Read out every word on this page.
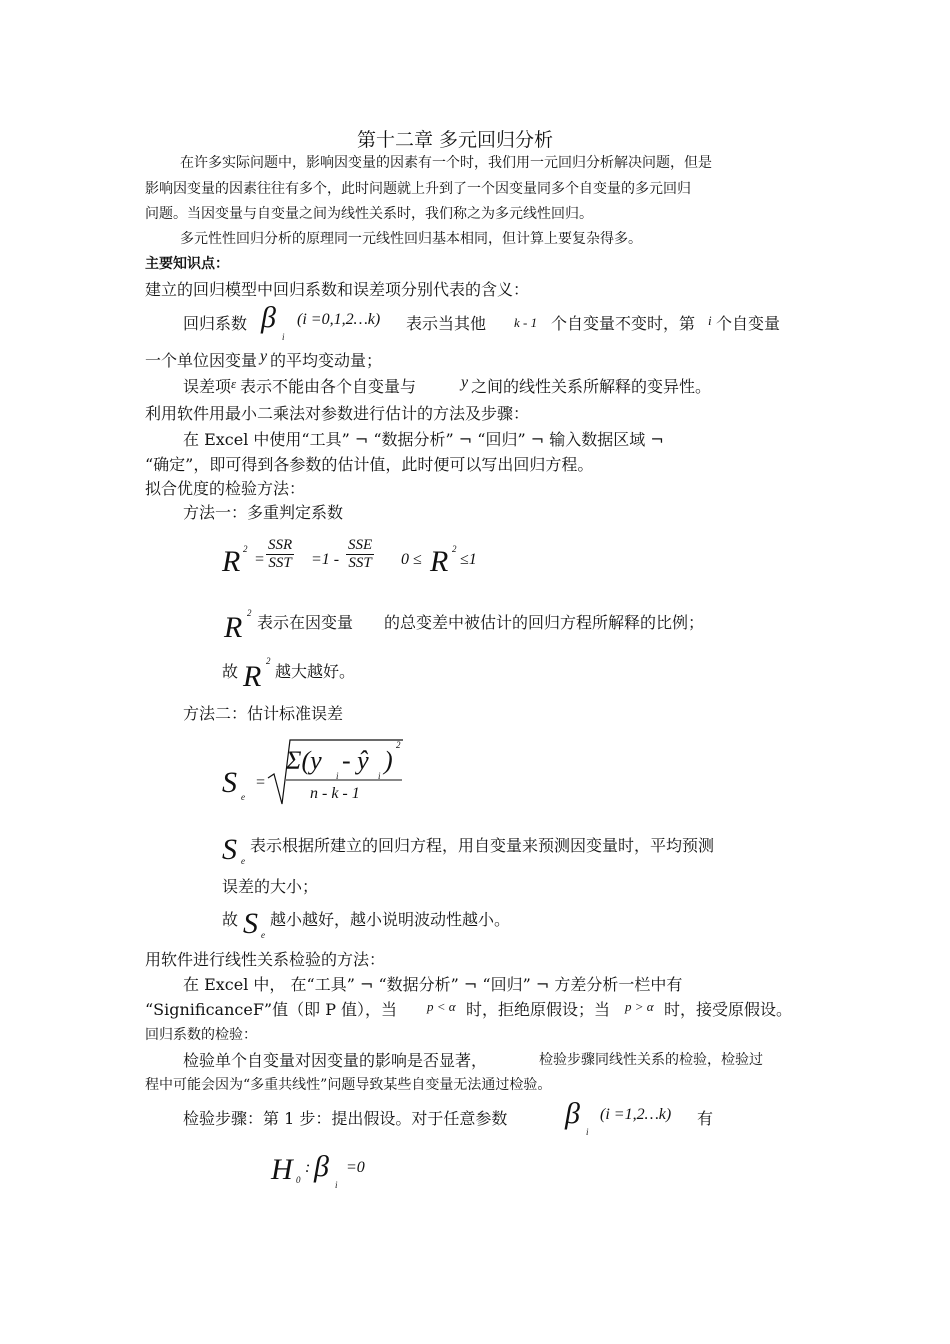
第十二章 多元回归分析
在许多实际问题中，影响因变量的因素有一个时，我们用一元回归分析解决问题，但是
影响因变量的因素往往有多个，此时问题就上升到了一个因变量同多个自变量的多元回归
问题。当因变量与自变量之间为线性关系时，我们称之为多元线性回归。
多元性性回归分析的原理同一元线性回归基本相同，但计算上要复杂得多。
主要知识点：
建立的回归模型中回归系数和误差项分别代表的含义：
回归系数 β
i
(i =0,1,2…k) 表示当其他 k - 1 个自变量不变时，第 i 个自变量
一个单位因变量 y 的平均变动量；
误差项 ε 表示不能由各个自变量与	y 之间的线性关系所解释的变异性。
利用软件用最小二乘法对参数进行估计的方法及步骤：
在 Excel 中使用“工具” ¬ “数据分析” ¬ “回归” ¬ 输入数据区域 ¬
“确定”，即可得到各参数的估计值，此时便可以写出回归方程。
拟合优度的检验方法：
方法一：多重判定系数
R 2
= $\frac{\text{SSR}}{\text{SST}} =1 - \frac{\text{SSE}}{\text{SST}} 0 \le R$ 2
≤1
R 2 表示在因变量 的总变差中被估计的回归方程所解释的比例；
故 R 2
越大越好。
方法二：估计标准误差
S e
=
Σ(y
i
- ŷ
i
)
2
n - k - 1
S e
表示根据所建立的回归方程，用自变量来预测因变量时，平均预测
误差的大小；
故 S e
越小越好，越小说明波动性越小。
用软件进行线性关系检验的方法：
在 Excel 中， 在“工具” ¬ “数据分析” ¬ “回归” ¬ 方差分析一栏中有
“SignificanceF”值（即 P 值），当 p < α 时，拒绝原假设；当 p > α 时，接受原假设。
回归系数的检验：
检验单个自变量对因变量的影响是否显著，	检验步骤同线性关系的检验，检验过
程中可能会因为“多重共线性”问题导致某些自变量无法通过检验。
检验步骤：第 1 步：提出假设。对于任意参数 β
i
(i =1,2…k) 有
H 0
: β
i
=0
